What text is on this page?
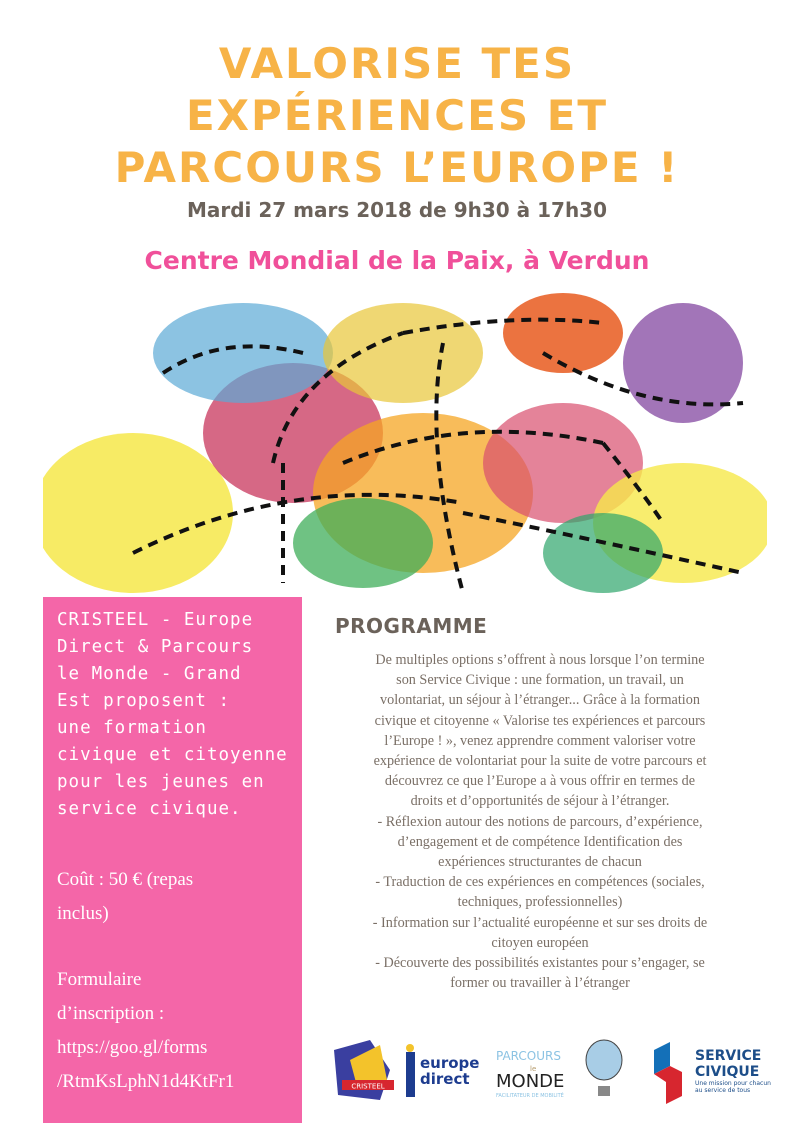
VALORISE TES
EXPÉRIENCES ET
PARCOURS L’EUROPE !
Mardi 27 mars 2018 de 9h30 à 17h30
Centre Mondial de la Paix, à Verdun
CRISTEEL - Europe
Direct & Parcours
le Monde - Grand
Est proposent :
une formation
civique et citoyenne
pour les jeunes en
service civique.
Coût : 50 € (repas
inclus)
Formulaire
d’inscription :
https://goo.gl/forms
/RtmKsLphN1d4KtFr1
PROGRAMME
De multiples options s’offrent à nous lorsque l’on termine
son Service Civique : une formation, un travail, un
volontariat, un séjour à l’étranger... Grâce à la formation
civique et citoyenne « Valorise tes expériences et parcours
l’Europe ! », venez apprendre comment valoriser votre
expérience de volontariat pour la suite de votre parcours et
découvrez ce que l’Europe a à vous offrir en termes de
droits et d’opportunités de séjour à l’étranger.
- Réflexion autour des notions de parcours, d’expérience,
d’engagement et de compétence Identification des
expériences structurantes de chacun
- Traduction de ces expériences en compétences (sociales,
techniques, professionnelles)
- Information sur l’actualité européenne et sur ses droits de
citoyen européen
- Découverte des possibilités existantes pour s’engager, se
former ou travailler à l’étranger
CRISTEEL
europe
direct
PARCOURS
le
MONDE
FACILITATEUR DE MOBILITÉ
SERVICE
CIVIQUE
Une mission pour chacun
au service de tous
